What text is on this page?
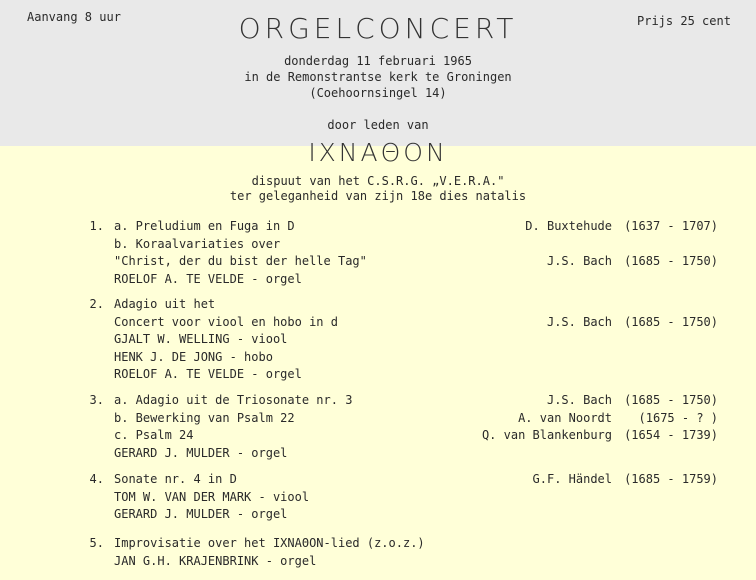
Aanvang 8 uur	ORGELCONCERT	Prijs 25 cent
donderdag 11 februari 1965
in de Remonstrantse kerk te Groningen
(Coehoornsingel 14)
door leden van
IXNAΘON
dispuut van het C.S.R.G. „V.E.R.A."
ter geleganheid van zijn 18e dies natalis
1. a. Preludium en Fuga in D	D. Buxtehude (1637 - 1707)
b. Koraalvariaties over
"Christ, der du bist der helle Tag"	J.S. Bach (1685 - 1750)
ROELOF A. TE VELDE - orgel
2. Adagio uit het
Concert voor viool en hobo in d	J.S. Bach (1685 - 1750)
GJALT W. WELLING - viool
HENK J. DE JONG - hobo
ROELOF A. TE VELDE - orgel
3. a. Adagio uit de Triosonate nr. 3	J.S. Bach (1685 - 1750)
b. Bewerking van Psalm 22	A. van Noordt (1675 - ? )
c. Psalm 24	Q. van Blankenburg (1654 - 1739)
GERARD J. MULDER - orgel
4. Sonate nr. 4 in D	G.F. Händel (1685 - 1759)
TOM W. VAN DER MARK - viool
GERARD J. MULDER - orgel
5. Improvisatie over het IXNAΘON-lied (z.o.z.)
JAN G.H. KRAJENBRINK - orgel
